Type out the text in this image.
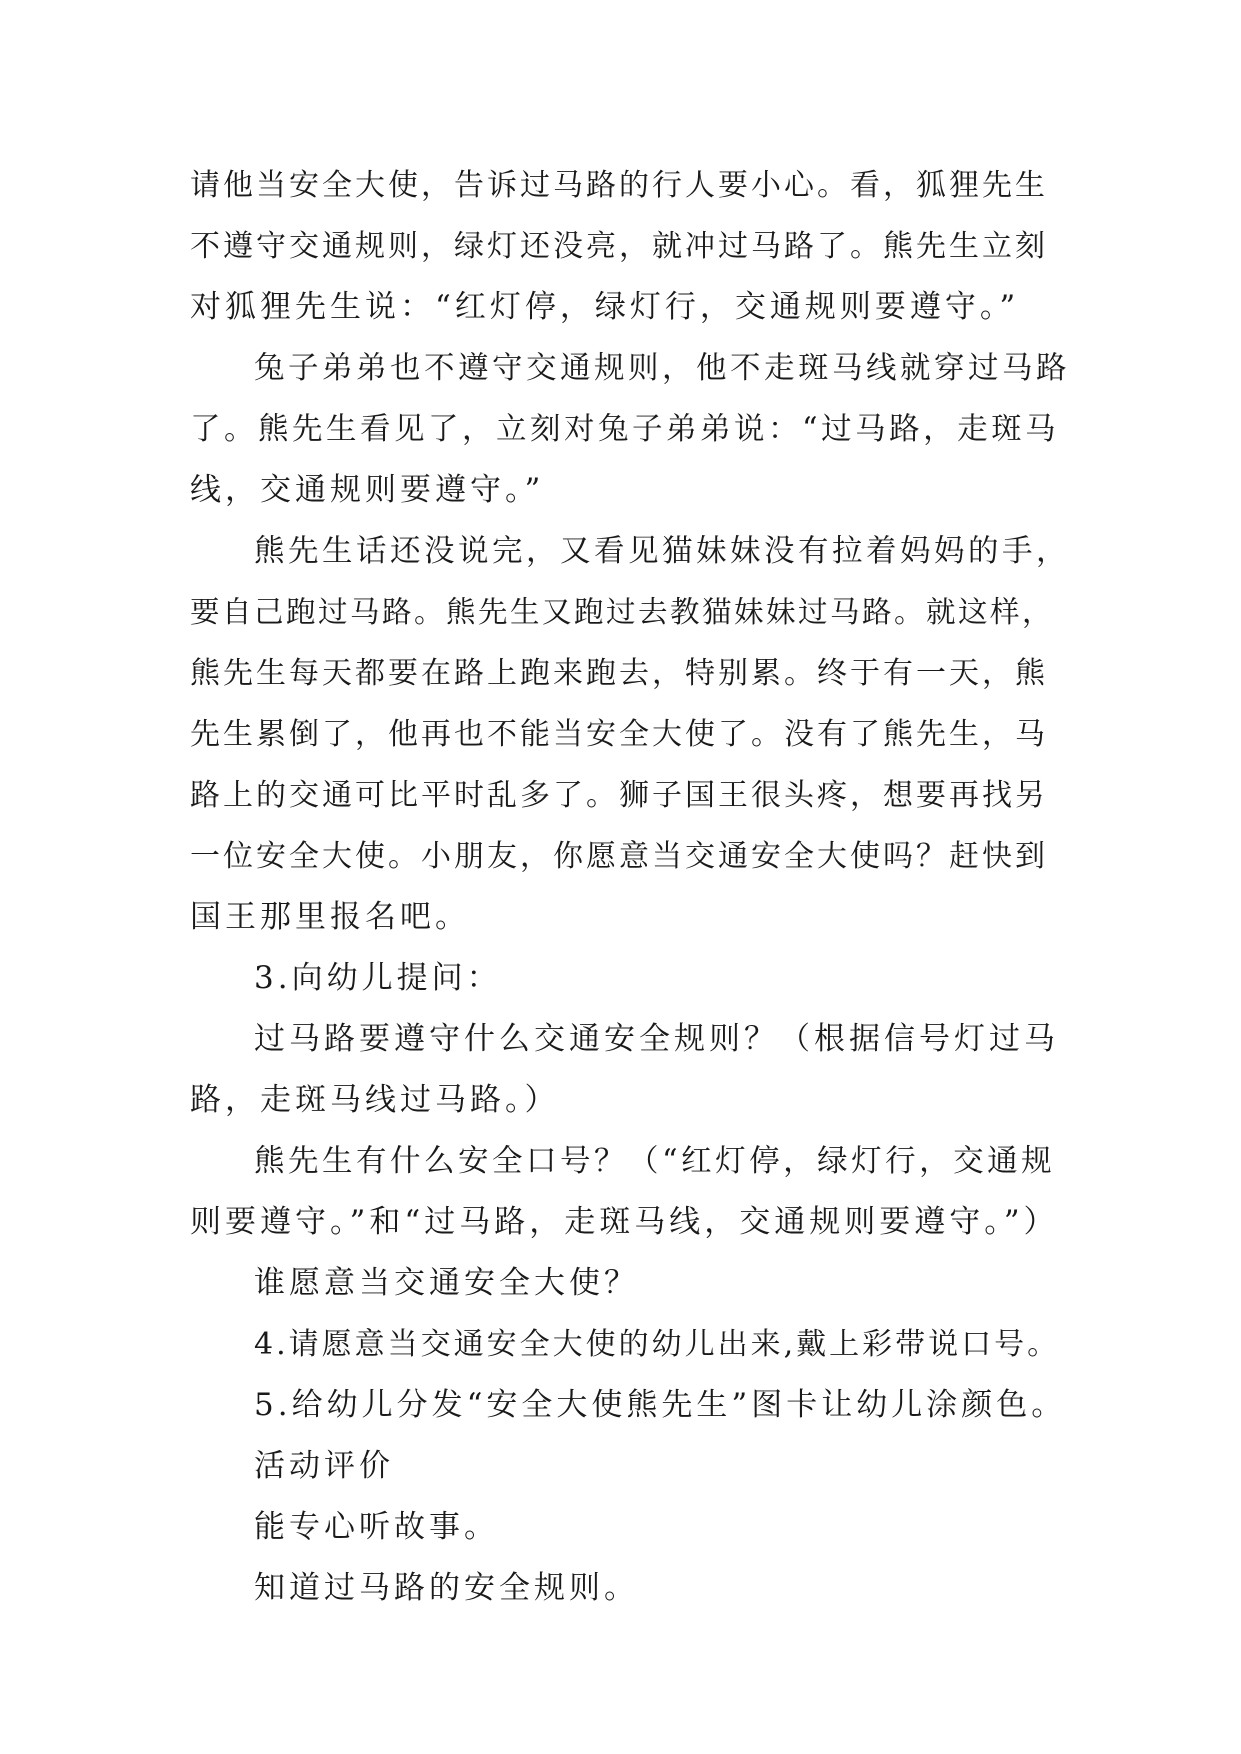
请他当安全大使，告诉过马路的行人要小心。看，狐狸先生
不遵守交通规则，绿灯还没亮，就冲过马路了。熊先生立刻
对狐狸先生说：“红灯停，绿灯行，交通规则要遵守。”
兔子弟弟也不遵守交通规则，他不走斑马线就穿过马路
了。熊先生看见了，立刻对兔子弟弟说：“过马路，走斑马
线，交通规则要遵守。”
熊先生话还没说完，又看见猫妹妹没有拉着妈妈的手，
要自己跑过马路。熊先生又跑过去教猫妹妹过马路。就这样，
熊先生每天都要在路上跑来跑去，特别累。终于有一天，熊
先生累倒了，他再也不能当安全大使了。没有了熊先生，马
路上的交通可比平时乱多了。狮子国王很头疼，想要再找另
一位安全大使。小朋友，你愿意当交通安全大使吗？赶快到
国王那里报名吧。
3.向幼儿提问：
过马路要遵守什么交通安全规则？（根据信号灯过马
路，走斑马线过马路。）
熊先生有什么安全口号？（“红灯停，绿灯行，交通规
则要遵守。”和“过马路，走斑马线，交通规则要遵守。”）
谁愿意当交通安全大使？
4.请愿意当交通安全大使的幼儿出来,戴上彩带说口号。
5.给幼儿分发“安全大使熊先生”图卡让幼儿涂颜色。
活动评价
能专心听故事。
知道过马路的安全规则。
